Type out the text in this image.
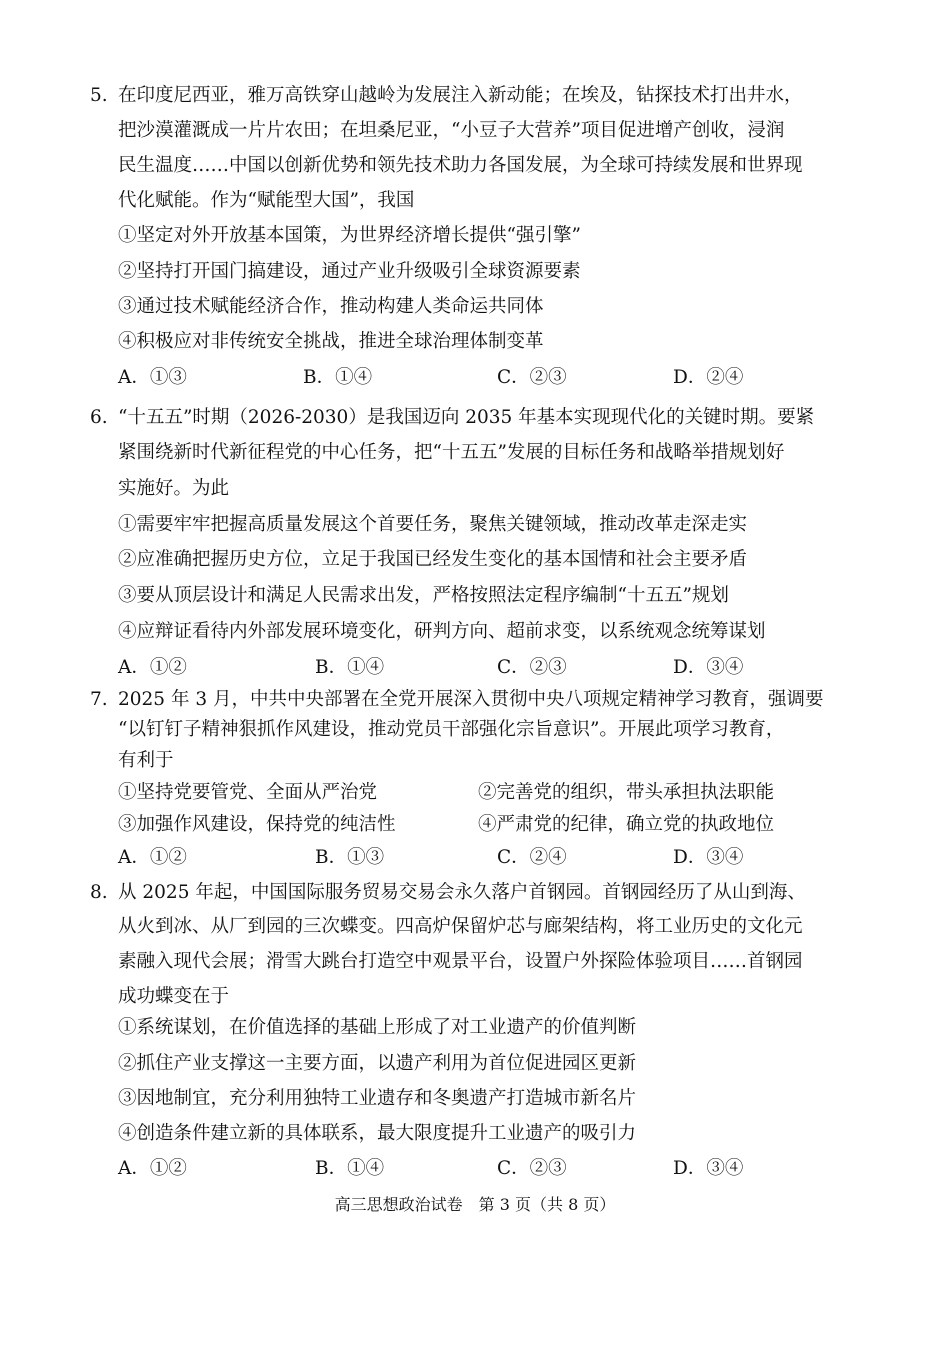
5. 在印度尼西亚，雅万高铁穿山越岭为发展注入新动能；在埃及，钻探技术打出井水，
把沙漠灌溉成一片片农田；在坦桑尼亚，“小豆子大营养”项目促进增产创收，浸润
民生温度……中国以创新优势和领先技术助力各国发展，为全球可持续发展和世界现
代化赋能。作为“赋能型大国”，我国
①坚定对外开放基本国策，为世界经济增长提供“强引擎”
②坚持打开国门搞建设，通过产业升级吸引全球资源要素
③通过技术赋能经济合作，推动构建人类命运共同体
④积极应对非传统安全挑战，推进全球治理体制变革
A．①③	B．①④	C．②③	D．②④
6. “十五五”时期（2026-2030）是我国迈向 2035 年基本实现现代化的关键时期。要紧
紧围绕新时代新征程党的中心任务，把“十五五”发展的目标任务和战略举措规划好
实施好。为此
①需要牢牢把握高质量发展这个首要任务，聚焦关键领域，推动改革走深走实
②应准确把握历史方位，立足于我国已经发生变化的基本国情和社会主要矛盾
③要从顶层设计和满足人民需求出发，严格按照法定程序编制“十五五”规划
④应辩证看待内外部发展环境变化，研判方向、超前求变，以系统观念统筹谋划
A．①②	B．①④	C．②③	D．③④
7. 2025 年 3 月，中共中央部署在全党开展深入贯彻中央八项规定精神学习教育，强调要
“以钉钉子精神狠抓作风建设，推动党员干部强化宗旨意识”。开展此项学习教育，
有利于
①坚持党要管党、全面从严治党	②完善党的组织，带头承担执法职能
③加强作风建设，保持党的纯洁性	④严肃党的纪律，确立党的执政地位
A．①②	B．①③	C．②④	D．③④
8. 从 2025 年起，中国国际服务贸易交易会永久落户首钢园。首钢园经历了从山到海、
从火到冰、从厂到园的三次蝶变。四高炉保留炉芯与廊架结构，将工业历史的文化元
素融入现代会展；滑雪大跳台打造空中观景平台，设置户外探险体验项目……首钢园
成功蝶变在于
①系统谋划，在价值选择的基础上形成了对工业遗产的价值判断
②抓住产业支撑这一主要方面，以遗产利用为首位促进园区更新
③因地制宜，充分利用独特工业遗存和冬奥遗产打造城市新名片
④创造条件建立新的具体联系，最大限度提升工业遗产的吸引力
A．①②	B．①④	C．②③	D．③④
高三思想政治试卷　第 3 页（共 8 页）
